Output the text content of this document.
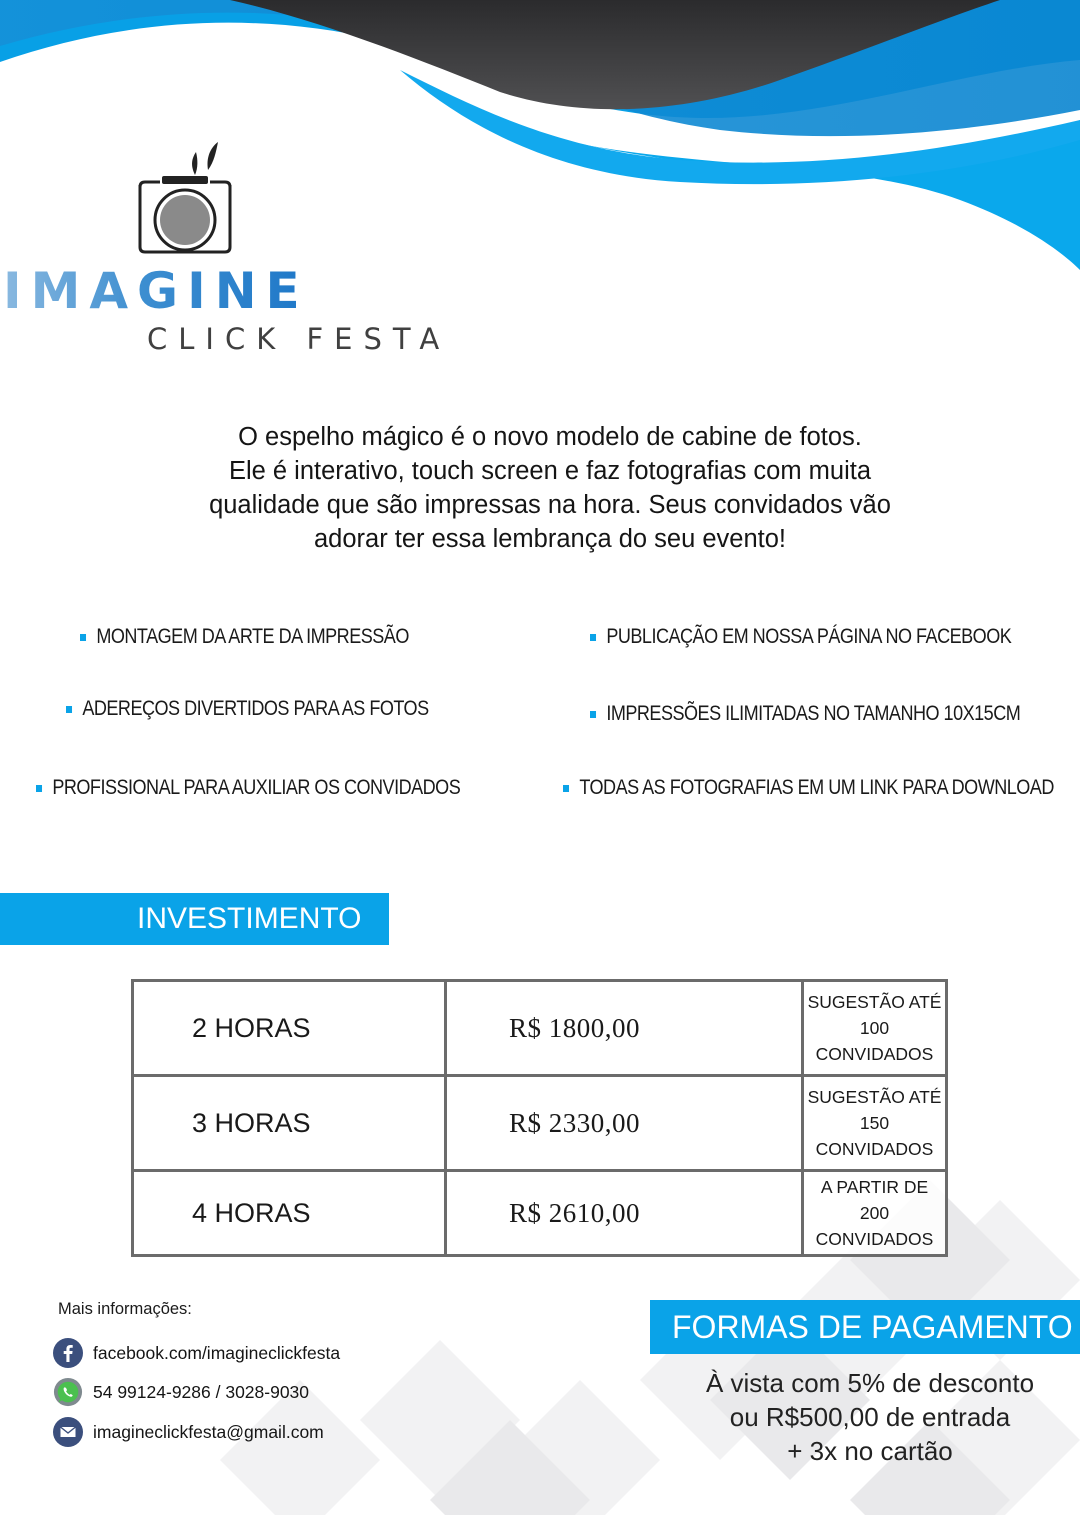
IMAGINE

CLICK FESTA

O espelho mágico é o novo modelo de cabine de fotos.
Ele é interativo, touch screen e faz fotografias com muita
qualidade que são impressas na hora. Seus convidados vão
adorar ter essa lembrança do seu evento!

MONTAGEM DA ARTE DA IMPRESSÃO	PUBLICAÇÃO EM NOSSA PÁGINA NO FACEBOOK
ADEREÇOS DIVERTIDOS PARA AS FOTOS	IMPRESSÕES ILIMITADAS NO TAMANHO 10X15CM
PROFISSIONAL PARA AUXILIAR OS CONVIDADOS	TODAS AS FOTOGRAFIAS EM UM LINK PARA DOWNLOAD
INVESTIMENTO
2 HORAS	R$ 1800,00	SUGESTÃO ATÉ 100
CONVIDADOS
3 HORAS	R$ 2330,00	SUGESTÃO ATÉ 150
CONVIDADOS
4 HORAS	R$ 2610,00	A PARTIR DE
200 CONVIDADOS
Mais informações:
facebook.com/imagineclickfesta
54 99124-9286 / 3028-9030
imagineclickfesta@gmail.com
FORMAS DE PAGAMENTO

À vista com 5% de desconto
ou R$500,00 de entrada
+ 3x no cartão
